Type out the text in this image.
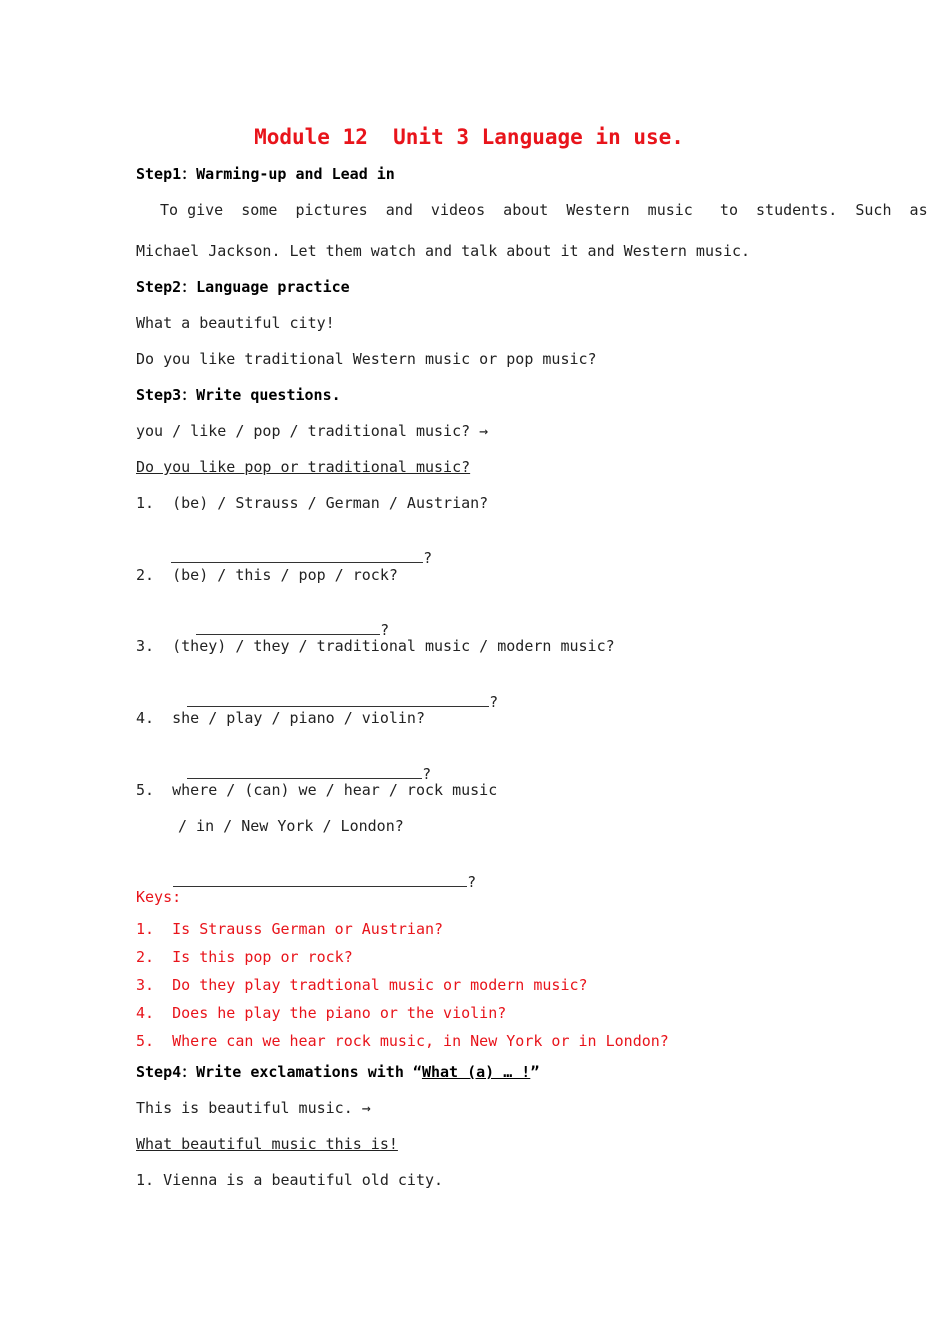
Module 12  Unit 3 Language in use.
Step1：Warming-up and Lead in
To give  some  pictures  and  videos  about  Western  music   to  students.  Such  as
Michael Jackson. Let them watch and talk about it and Western music.
Step2：Language practice
What a beautiful city!
Do you like traditional Western music or pop music?
Step3：Write questions.
you / like / pop / traditional music? →
Do you like pop or traditional music?
1.  (be) / Strauss / German / Austrian?

?

2.  (be) / this / pop / rock?

?

3.  (they) / they / traditional music / modern music?

?

4.  she / play / piano / violin?

?

5.  where / (can) we / hear / rock music
/ in / New York / London?

?

Keys:
1.  Is Strauss German or Austrian?
2.  Is this pop or rock?
3.  Do they play tradtional music or modern music?
4.  Does he play the piano or the violin?
5.  Where can we hear rock music, in New York or in London?
Step4：Write exclamations with “What (a) … !”
This is beautiful music. →
What beautiful music this is!
1. Vienna is a beautiful old city.
